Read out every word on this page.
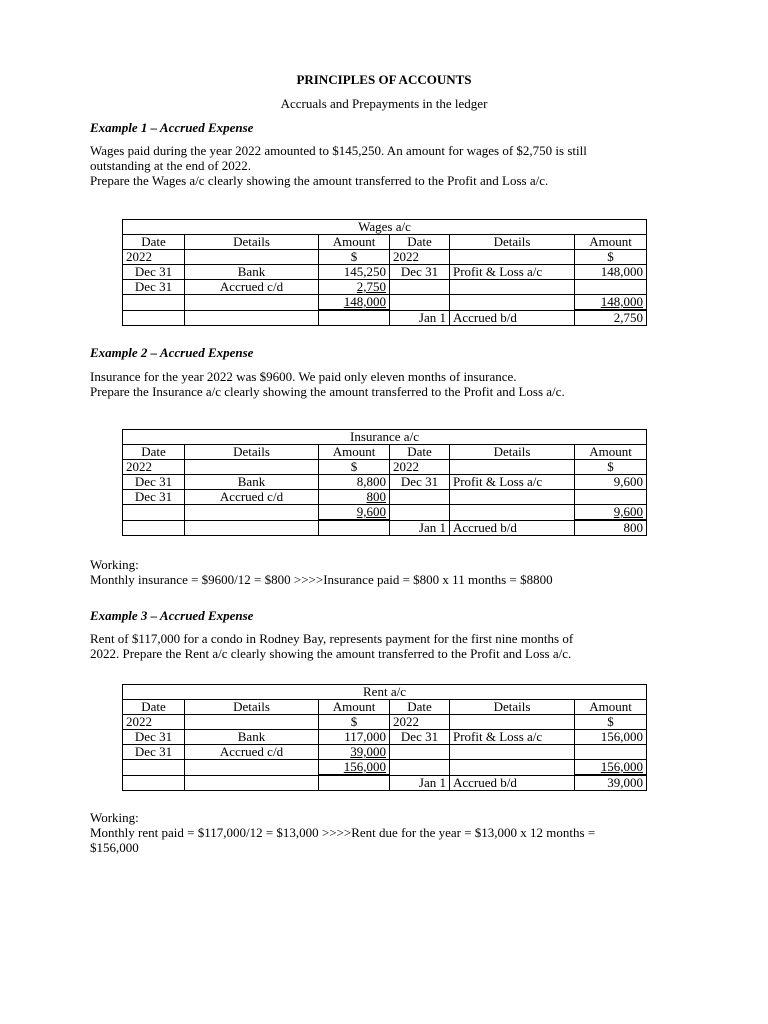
PRINCIPLES OF ACCOUNTS
Accruals and Prepayments in the ledger
Example 1 – Accrued Expense
Wages paid during the year 2022 amounted to $145,250. An amount for wages of $2,750 is still
outstanding at the end of 2022.
Prepare the Wages a/c clearly showing the amount transferred to the Profit and Loss a/c.
Wages a/c					
Date	Details	Amount	Date	Details	Amount
2022		$	2022		$
Dec 31	Bank	145,250	Dec 31	Profit & Loss a/c	148,000
Dec 31	Accrued c/d	2,750			
		148,000			148,000
			Jan 1	Accrued b/d	2,750
Example 2 – Accrued Expense
Insurance for the year 2022 was $9600. We paid only eleven months of insurance.
Prepare the Insurance a/c clearly showing the amount transferred to the Profit and Loss a/c.
Insurance a/c					
Date	Details	Amount	Date	Details	Amount
2022		$	2022		$
Dec 31	Bank	8,800	Dec 31	Profit & Loss a/c	9,600
Dec 31	Accrued c/d	800			
		9,600			9,600
			Jan 1	Accrued b/d	800
Working:
Monthly insurance = $9600/12 = $800 >>>>Insurance paid = $800 x 11 months = $8800
Example 3 – Accrued Expense
Rent of $117,000 for a condo in Rodney Bay, represents payment for the first nine months of
2022. Prepare the Rent a/c clearly showing the amount transferred to the Profit and Loss a/c.
Rent a/c					
Date	Details	Amount	Date	Details	Amount
2022		$	2022		$
Dec 31	Bank	117,000	Dec 31	Profit & Loss a/c	156,000
Dec 31	Accrued c/d	39,000			
		156,000			156,000
			Jan 1	Accrued b/d	39,000
Working:
Monthly rent paid = $117,000/12 = $13,000 >>>>Rent due for the year = $13,000 x 12 months =
$156,000
